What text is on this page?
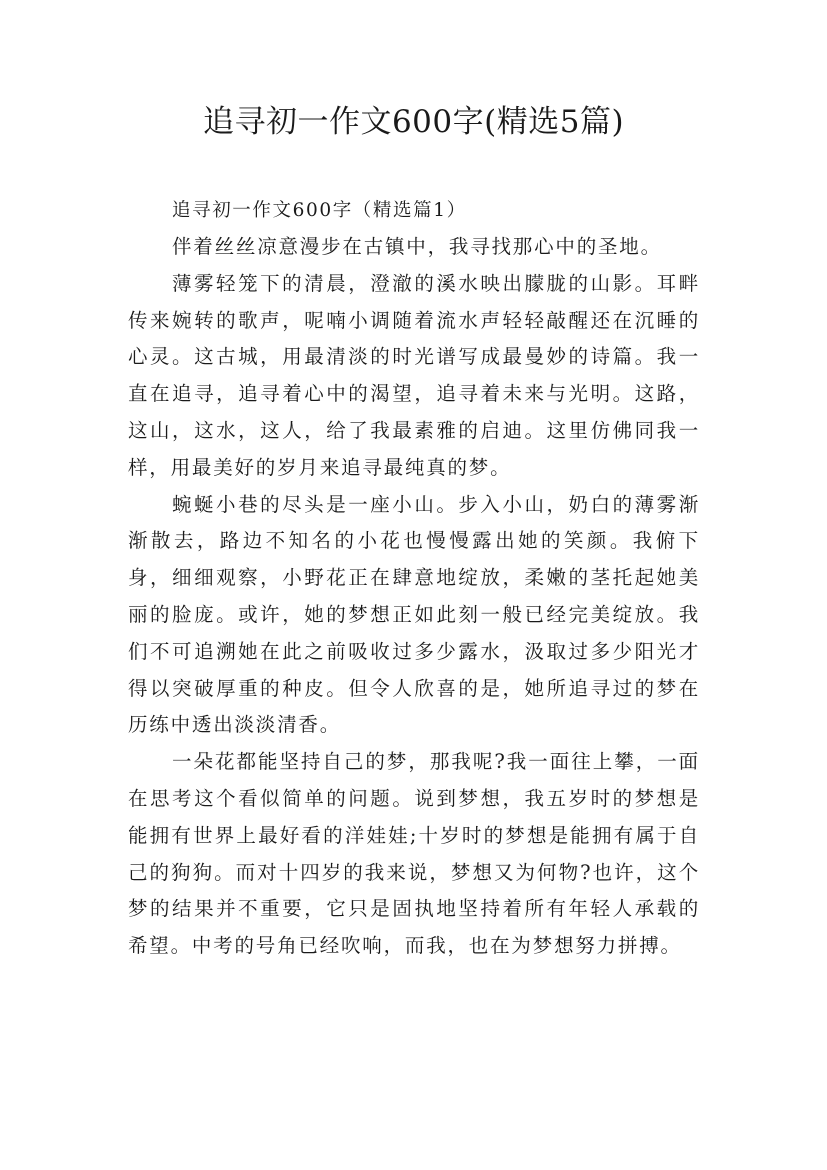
追寻初一作文600字(精选5篇)

追寻初一作文600字（精选篇1）

伴着丝丝凉意漫步在古镇中，我寻找那心中的圣地。

薄雾轻笼下的清晨，澄澈的溪水映出朦胧的山影。耳畔传来婉转的歌声，呢喃小调随着流水声轻轻敲醒还在沉睡的心灵。这古城，用最清淡的时光谱写成最曼妙的诗篇。我一直在追寻，追寻着心中的渴望，追寻着未来与光明。这路，这山，这水，这人，给了我最素雅的启迪。这里仿佛同我一样，用最美好的岁月来追寻最纯真的梦。

蜿蜒小巷的尽头是一座小山。步入小山，奶白的薄雾渐渐散去，路边不知名的小花也慢慢露出她的笑颜。我俯下身，细细观察，小野花正在肆意地绽放，柔嫩的茎托起她美丽的脸庞。或许，她的梦想正如此刻一般已经完美绽放。我们不可追溯她在此之前吸收过多少露水，汲取过多少阳光才得以突破厚重的种皮。但令人欣喜的是，她所追寻过的梦在历练中透出淡淡清香。

一朵花都能坚持自己的梦，那我呢?我一面往上攀，一面在思考这个看似简单的问题。说到梦想，我五岁时的梦想是能拥有世界上最好看的洋娃娃;十岁时的梦想是能拥有属于自己的狗狗。而对十四岁的我来说，梦想又为何物?也许，这个梦的结果并不重要，它只是固执地坚持着所有年轻人承载的希望。中考的号角已经吹响，而我，也在为梦想努力拼搏。
